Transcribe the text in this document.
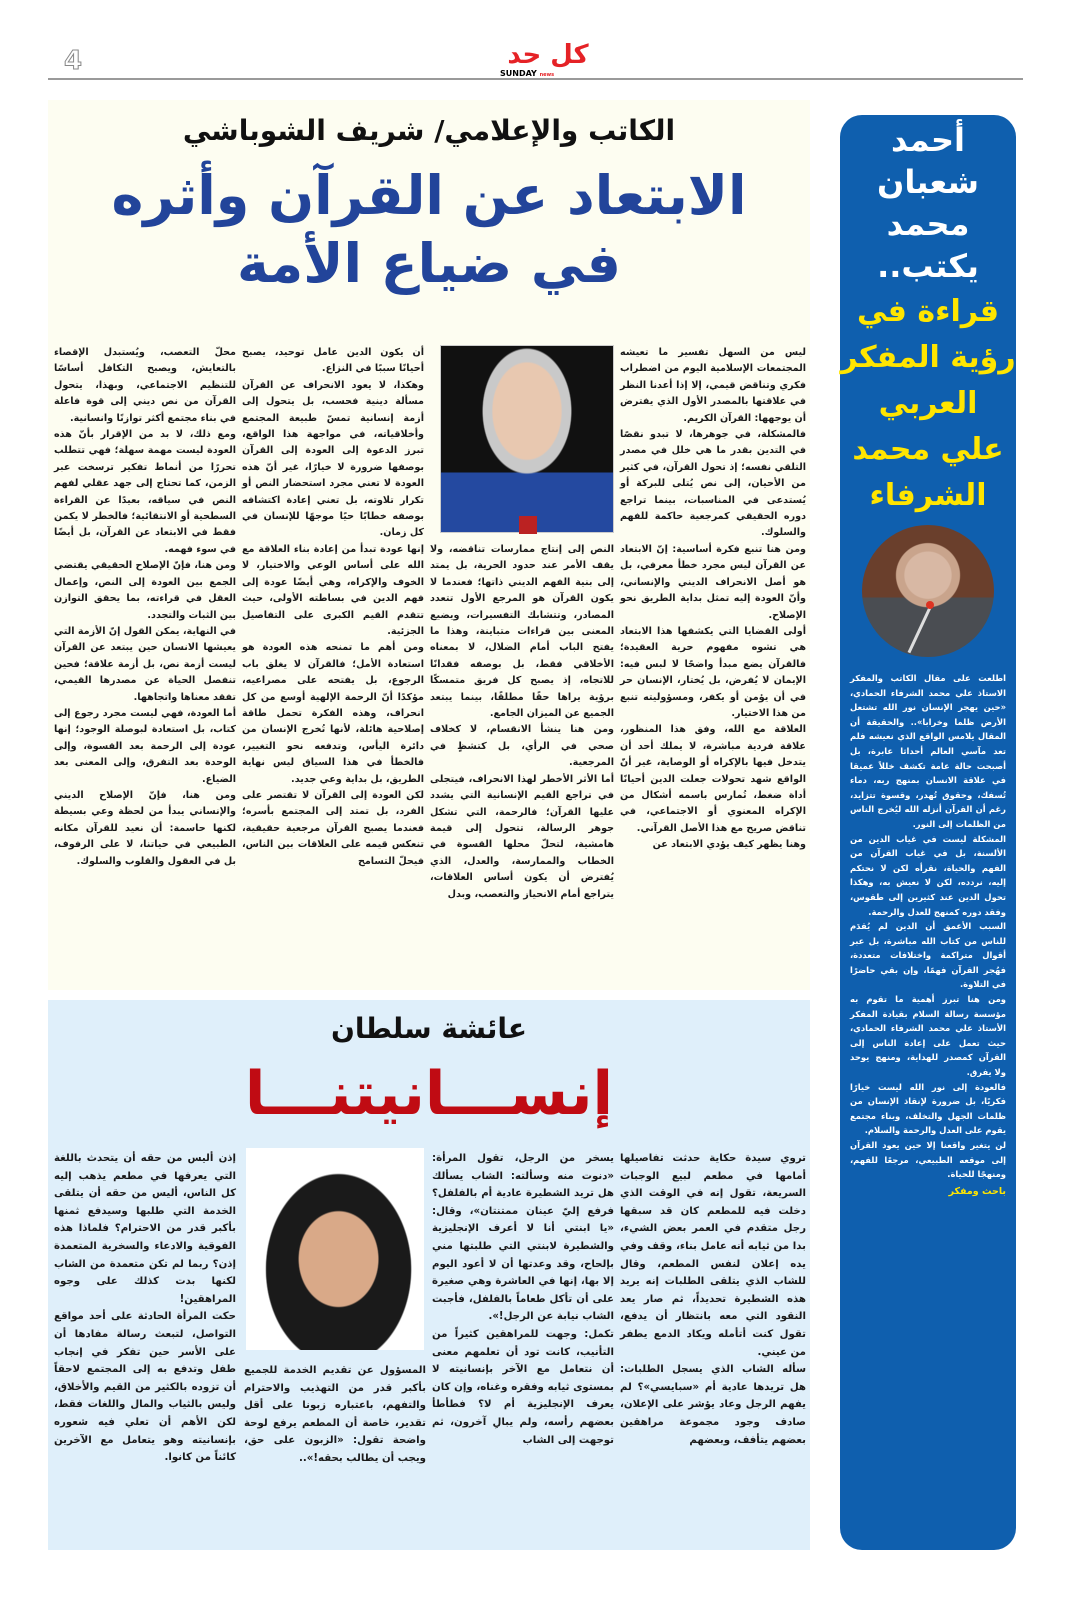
4	كل حد
SUNDAY news
أحمد
شعبان
محمد
يكتب..
قراءة في
رؤية المفكر
العربي
علي محمد
الشرفاء

اطلعت على مقال الكاتب والمفكر الاستاذ علي محمد الشرفاء الحمادي، «حين يهجر الإنسان نور الله تشتعل الأرض ظلما وخرابا».. والحقيقة أن المقال يلامس الواقع الذي نعيشه فلم تعد مآسي العالم أحداثا عابرة، بل أصبحت حالة عامة تكشف خللاً عميقا في علاقة الانسان بمنهج ربه، دماء تُسفك، وحقوق تُهدر، وقسوة تتزايد، رغم أن القرآن أنزله الله ليُخرج الناس من الظلمات إلى النور.

المشكلة ليست في غياب الدين من الألسنة، بل في غياب القرآن من الفهم والحياة، نقرأه لكن لا نحتكم إليه، نردده، لكن لا نعيش به، وهكذا تحول الدين عند كثيرين إلى طقوس، وفقد دوره كمنهج للعدل والرحمة.

السبب الأعمق أن الدين لم يُقدَم للناس من كتاب الله مباشرة، بل عبر أقوال متراكمة واختلافات متعددة، فهُجر القرآن فهمًا، وإن بقي حاضرًا في التلاوة.

ومن هنا تبرز أهمية ما تقوم به مؤسسة رسالة السلام بقيادة المفكر الأستاذ علي محمد الشرفاء الحمادي، حيث تعمل على إعادة الناس إلى القرآن كمصدر للهداية، ومنهج يوحد ولا يفرق.

فالعودة إلى نور الله ليست خيارًا فكريًا، بل ضرورة لإنقاذ الإنسان من ظلمات الجهل والتخلف، وبناء مجتمع يقوم على العدل والرحمة والسلام.

لن يتغير واقعنا إلا حين يعود القرآن إلى موقعه الطبيعي، مرجعًا للفهم، ومنهجًا للحياة.

باحث ومفكر
الكاتب والإعلامي/ شريف الشوباشي
الابتعاد عن القرآن وأثره
في ضياع الأمة

ليس من السهل تفسير ما تعيشه المجتمعات الإسلامية اليوم من اضطراب فكري وتناقض قيمي، إلا إذا أعدنا النظر في علاقتها بالمصدر الأول الذي يفترض أن يوجهها: القرآن الكريم.

فالمشكلة، في جوهرها، لا تبدو نقصًا في التدين بقدر ما هي خلل في مصدر التلقي نفسه؛ إذ تحول القرآن، في كثير من الأحيان، إلى نص يُتلى للبركة أو يُستدعى في المناسبات، بينما تراجع دوره الحقيقي كمرجعية حاكمة للفهم والسلوك.

ومن هنا تنبع فكرة أساسية: إنّ الابتعاد عن القرآن ليس مجرد خطأ معرفي، بل هو أصل الانحراف الديني والإنساني، وأنّ العودة إليه تمثل بداية الطريق نحو الإصلاح.

أولى القضايا التي يكشفها هذا الابتعاد هي تشوه مفهوم حرية العقيدة؛ فالقرآن يضع مبدأ واضحًا لا لبس فيه: الإيمان لا يُفرض، بل يُختار، الإنسان حر في أن يؤمن أو يكفر، ومسؤوليته تنبع من هذا الاختيار.

العلاقة مع الله، وفق هذا المنظور، علاقة فردية مباشرة، لا يملك أحد أن يتدخل فيها بالإكراه أو الوصاية، غير أنّ الواقع شهد تحولات جعلت الدين أحيانًا أداة ضغط، تُمارس باسمه أشكال من الإكراه المعنوي أو الاجتماعي، في تناقض صريح مع هذا الأصل القرآني.

وهنا يظهر كيف يؤدي الابتعاد عن

النص إلى إنتاج ممارسات تناقضه، ولا يقف الأمر عند حدود الحرية، بل يمتد إلى بنية الفهم الديني ذاتها؛ فعندما لا يكون القرآن هو المرجع الأول تتعدد المصادر، وتتشابك التفسيرات، ويضيع المعنى بين قراءات متباينة، وهذا ما يفتح الباب أمام الضلال، لا بمعناه الأخلاقي فقط، بل بوصفه فقدانًا للاتجاه، إذ يصبح كل فريق متمسكًا برؤية يراها حقًا مطلقًا، بينما يبتعد الجميع عن الميزان الجامع.

ومن هنا ينشأ الانقسام، لا كخلاف صحي في الرأي، بل كتشظٍ في المرجعية.

أما الأثر الأخطر لهذا الانحراف، فيتجلى في تراجع القيم الإنسانية التي يشدد عليها القرآن؛ فالرحمة، التي تشكل جوهر الرسالة، تتحول إلى قيمة هامشية، لتحلّ محلها القسوة في الخطاب والممارسة، والعدل، الذي يُفترض أن يكون أساس العلاقات، يتراجع أمام الانحياز والتعصب، وبدل

أن يكون الدين عامل توحيد، يصبح أحيانًا سببًا في النزاع.

وهكذا، لا يعود الانحراف عن القرآن مسألة دينية فحسب، بل يتحول إلى أزمة إنسانية تمسّ طبيعة المجتمع وأخلاقياته، في مواجهة هذا الواقع، تبرز الدعوة إلى العودة إلى القرآن بوصفها ضرورة لا خيارًا، غير أنّ هذه العودة لا تعني مجرد استحضار النص أو تكرار تلاوته، بل تعني إعادة اكتشافه بوصفه خطابًا حيًا موجهًا للإنسان في كل زمان.

إنها عودة تبدأ من إعادة بناء العلاقة مع الله على أساس الوعي والاختيار، لا الخوف والإكراه، وهي أيضًا عودة إلى فهم الدين في بساطته الأولى، حيث تتقدم القيم الكبرى على التفاصيل الجزئية.

ومن أهم ما تمنحه هذه العودة هو استعادة الأمل؛ فالقرآن لا يغلق باب الرجوع، بل يفتحه على مصراعيه، مؤكدًا أنّ الرحمة الإلهية أوسع من كل انحراف، وهذه الفكرة تحمل طاقة إصلاحية هائلة، لأنها تُخرج الإنسان من دائرة اليأس، وتدفعه نحو التغيير، فالخطأ في هذا السياق ليس نهاية الطريق، بل بداية وعي جديد.

لكن العودة إلى القرآن لا تقتصر على الفرد، بل تمتد إلى المجتمع بأسره؛ فعندما يصبح القرآن مرجعية حقيقية، تنعكس قيمه على العلاقات بين الناس، فيحلّ التسامح

محلّ التعصب، ويُستبدل الإقصاء بالتعايش، ويصبح التكافل أساسًا للتنظيم الاجتماعي، وبهذا، يتحول القرآن من نص ديني إلى قوة فاعلة في بناء مجتمع أكثر توازنًا وانسانية.

ومع ذلك، لا بد من الإقرار بأنّ هذه العودة ليست مهمة سهلة؛ فهي تتطلب تحررًا من أنماط تفكير ترسخت عبر الزمن، كما تحتاج إلى جهد عقلي لفهم النص في سياقه، بعيدًا عن القراءة السطحية أو الانتقائية؛ فالخطر لا يكمن فقط في الابتعاد عن القرآن، بل أيضًا في سوء فهمه.

ومن هنا، فإنّ الإصلاح الحقيقي يقتضي الجمع بين العودة إلى النص، وإعمال العقل في قراءته، بما يحقق التوازن بين الثبات والتجدد.

في النهاية، يمكن القول إنّ الأزمة التي يعيشها الانسان حين يبتعد عن القرآن ليست أزمة نص، بل أزمة علاقة؛ فحين تنفصل الحياة عن مصدرها القيمي، تفقد معناها واتجاهها.

أما العودة، فهي ليست مجرد رجوع إلى كتاب، بل استعادة لبوصلة الوجود؛ إنها عودة إلى الرحمة بعد القسوة، وإلى الوحدة بعد التفرق، وإلى المعنى بعد الضياع.

ومن هنا، فإنّ الإصلاح الديني والإنساني يبدأ من لحظة وعي بسيطة لكنها حاسمة: أن نعيد للقرآن مكانه الطبيعي في حياتنا، لا على الرفوف، بل في العقول والقلوب والسلوك.

عائشة سلطان
إنســـانيتنـــا

تروي سيدة حكاية حدثت تفاصيلها أمامها في مطعم لبيع الوجبات السريعة، تقول إنه في الوقت الذي دخلت فيه للمطعم كان قد سبقها رجل متقدم في العمر بعض الشيء، بدا من ثيابه أنه عامل بناء، وقف وفي يده إعلان لنفس المطعم، وقال للشاب الذي يتلقى الطلبات إنه يريد هذه الشطيرة تحديداً، ثم صار يعد النقود التي معه بانتظار أن يدفع، تقول كنت أتأمله ويكاد الدمع يطفر من عيني.

سأله الشاب الذي يسجل الطلبات: هل تريدها عادية أم «سبايسي»؟ لم يفهم الرجل وعاد يؤشر على الإعلان، صادف وجود مجموعة مراهقين بعضهم يتأفف، وبعضهم

يسخر من الرجل، تقول المرأة: «دنوت منه وسألته: الشاب يسألك هل تريد الشطيرة عادية أم بالفلفل؟ فرفع إليّ عينان ممتنتان»، وقال: «يا ابنتي أنا لا أعرف الإنجليزية والشطيرة لابنتي التي طلبتها مني بإلحاح، وقد وعدتها أن لا أعود اليوم إلا بها، إنها في العاشرة وهي صغيرة على أن تأكل طعاماً بالفلفل، فأجبت الشاب نيابة عن الرجل!».

تكمل: وجهت للمراهقين كثيراً من التأنيب، كانت تود أن تعلمهم معنى أن نتعامل مع الآخر بإنسانيته لا بمستوى ثيابه وفقره وغناه، وإن كان يعرف الإنجليزية أم لا؟ فطأطأ بعضهم رأسه، ولم يبالِ آخرون، ثم توجهت إلى الشاب

المسؤول عن تقديم الخدمة للجميع بأكبر قدر من التهذيب والاحترام والتفهم، باعتباره زبونا على أقل تقدير، خاصة أن المطعم يرفع لوحة واضحة تقول: «الزبون على حق، ويجب أن يطالب بحقه!»..

إذن أليس من حقه أن يتحدث باللغة التي يعرفها في مطعم يذهب إليه كل الناس، أليس من حقه أن يتلقى الخدمة التي طلبها وسيدفع ثمنها بأكبر قدر من الاحترام؟ فلماذا هذه الفوقية والادعاء والسخرية المتعمدة إذن؟ ربما لم تكن متعمدة من الشاب لكنها بدت كذلك على وجوه المراهقين!

حكت المرأة الحادثة على أحد مواقع التواصل، لتبعث رسالة مفادها أن على الأسر حين تفكر في إنجاب طفل وتدفع به إلى المجتمع لاحقاً أن تزوده بالكثير من القيم والأخلاق، وليس بالثياب والمال واللغات فقط، لكن الأهم أن تعلي فيه شعوره بإنسانيته وهو يتعامل مع الآخرين كائناً من كانوا.
